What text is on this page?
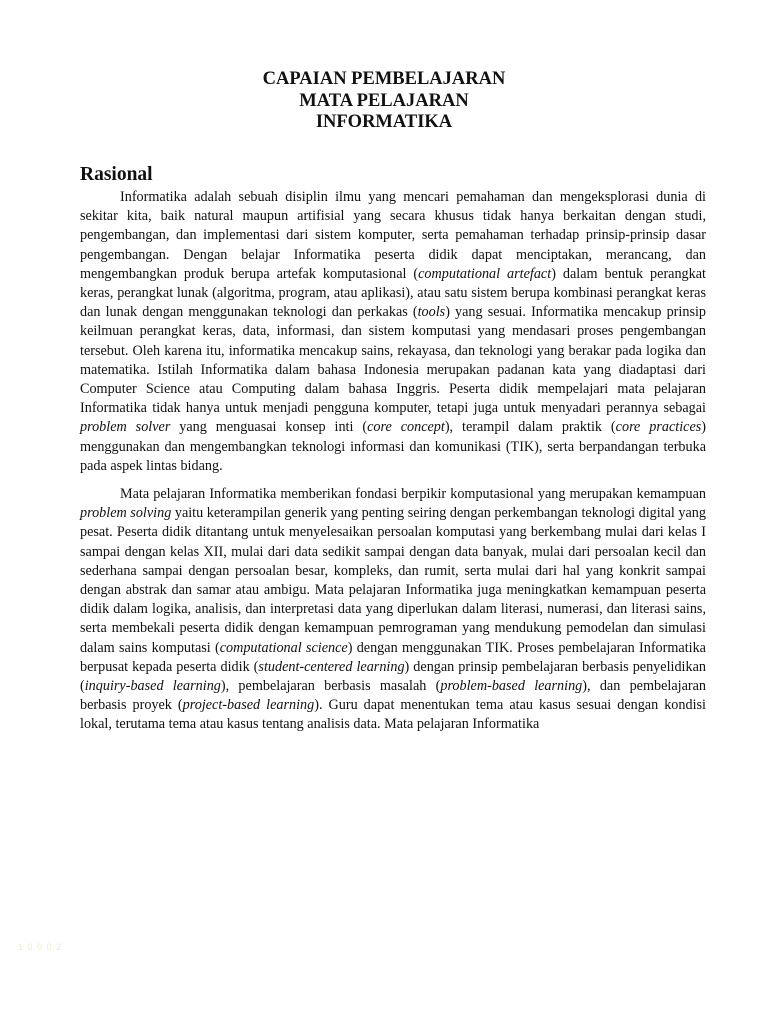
CAPAIAN PEMBELAJARAN
MATA PELAJARAN
INFORMATIKA
Rasional

Informatika adalah sebuah disiplin ilmu yang mencari pemahaman dan mengeksplorasi dunia di sekitar kita, baik natural maupun artifisial yang secara khusus tidak hanya berkaitan dengan studi, pengembangan, dan implementasi dari sistem komputer, serta pemahaman terhadap prinsip-prinsip dasar pengembangan. Dengan belajar Informatika peserta didik dapat menciptakan, merancang, dan mengembangkan produk berupa artefak komputasional (computational artefact) dalam bentuk perangkat keras, perangkat lunak (algoritma, program, atau aplikasi), atau satu sistem berupa kombinasi perangkat keras dan lunak dengan menggunakan teknologi dan perkakas (tools) yang sesuai. Informatika mencakup prinsip keilmuan perangkat keras, data, informasi, dan sistem komputasi yang mendasari proses pengembangan tersebut. Oleh karena itu, informatika mencakup sains, rekayasa, dan teknologi yang berakar pada logika dan matematika. Istilah Informatika dalam bahasa Indonesia merupakan padanan kata yang diadaptasi dari Computer Science atau Computing dalam bahasa Inggris. Peserta didik mempelajari mata pelajaran Informatika tidak hanya untuk menjadi pengguna komputer, tetapi juga untuk menyadari perannya sebagai problem solver yang menguasai konsep inti (core concept), terampil dalam praktik (core practices) menggunakan dan mengembangkan teknologi informasi dan komunikasi (TIK), serta berpandangan terbuka pada aspek lintas bidang.

Mata pelajaran Informatika memberikan fondasi berpikir komputasional yang merupakan kemampuan problem solving yaitu keterampilan generik yang penting seiring dengan perkembangan teknologi digital yang pesat. Peserta didik ditantang untuk menyelesaikan persoalan komputasi yang berkembang mulai dari kelas I sampai dengan kelas XII, mulai dari data sedikit sampai dengan data banyak, mulai dari persoalan kecil dan sederhana sampai dengan persoalan besar, kompleks, dan rumit, serta mulai dari hal yang konkrit sampai dengan abstrak dan samar atau ambigu. Mata pelajaran Informatika juga meningkatkan kemampuan peserta didik dalam logika, analisis, dan interpretasi data yang diperlukan dalam literasi, numerasi, dan literasi sains, serta membekali peserta didik dengan kemampuan pemrograman yang mendukung pemodelan dan simulasi dalam sains komputasi (computational science) dengan menggunakan TIK. Proses pembelajaran Informatika berpusat kepada peserta didik (student-centered learning) dengan prinsip pembelajaran berbasis penyelidikan (inquiry-based learning), pembelajaran berbasis masalah (problem-based learning), dan pembelajaran berbasis proyek (project-based learning). Guru dapat menentukan tema atau kasus sesuai dengan kondisi lokal, terutama tema atau kasus tentang analisis data. Mata pelajaran Informatika

1 0 0 0 2
